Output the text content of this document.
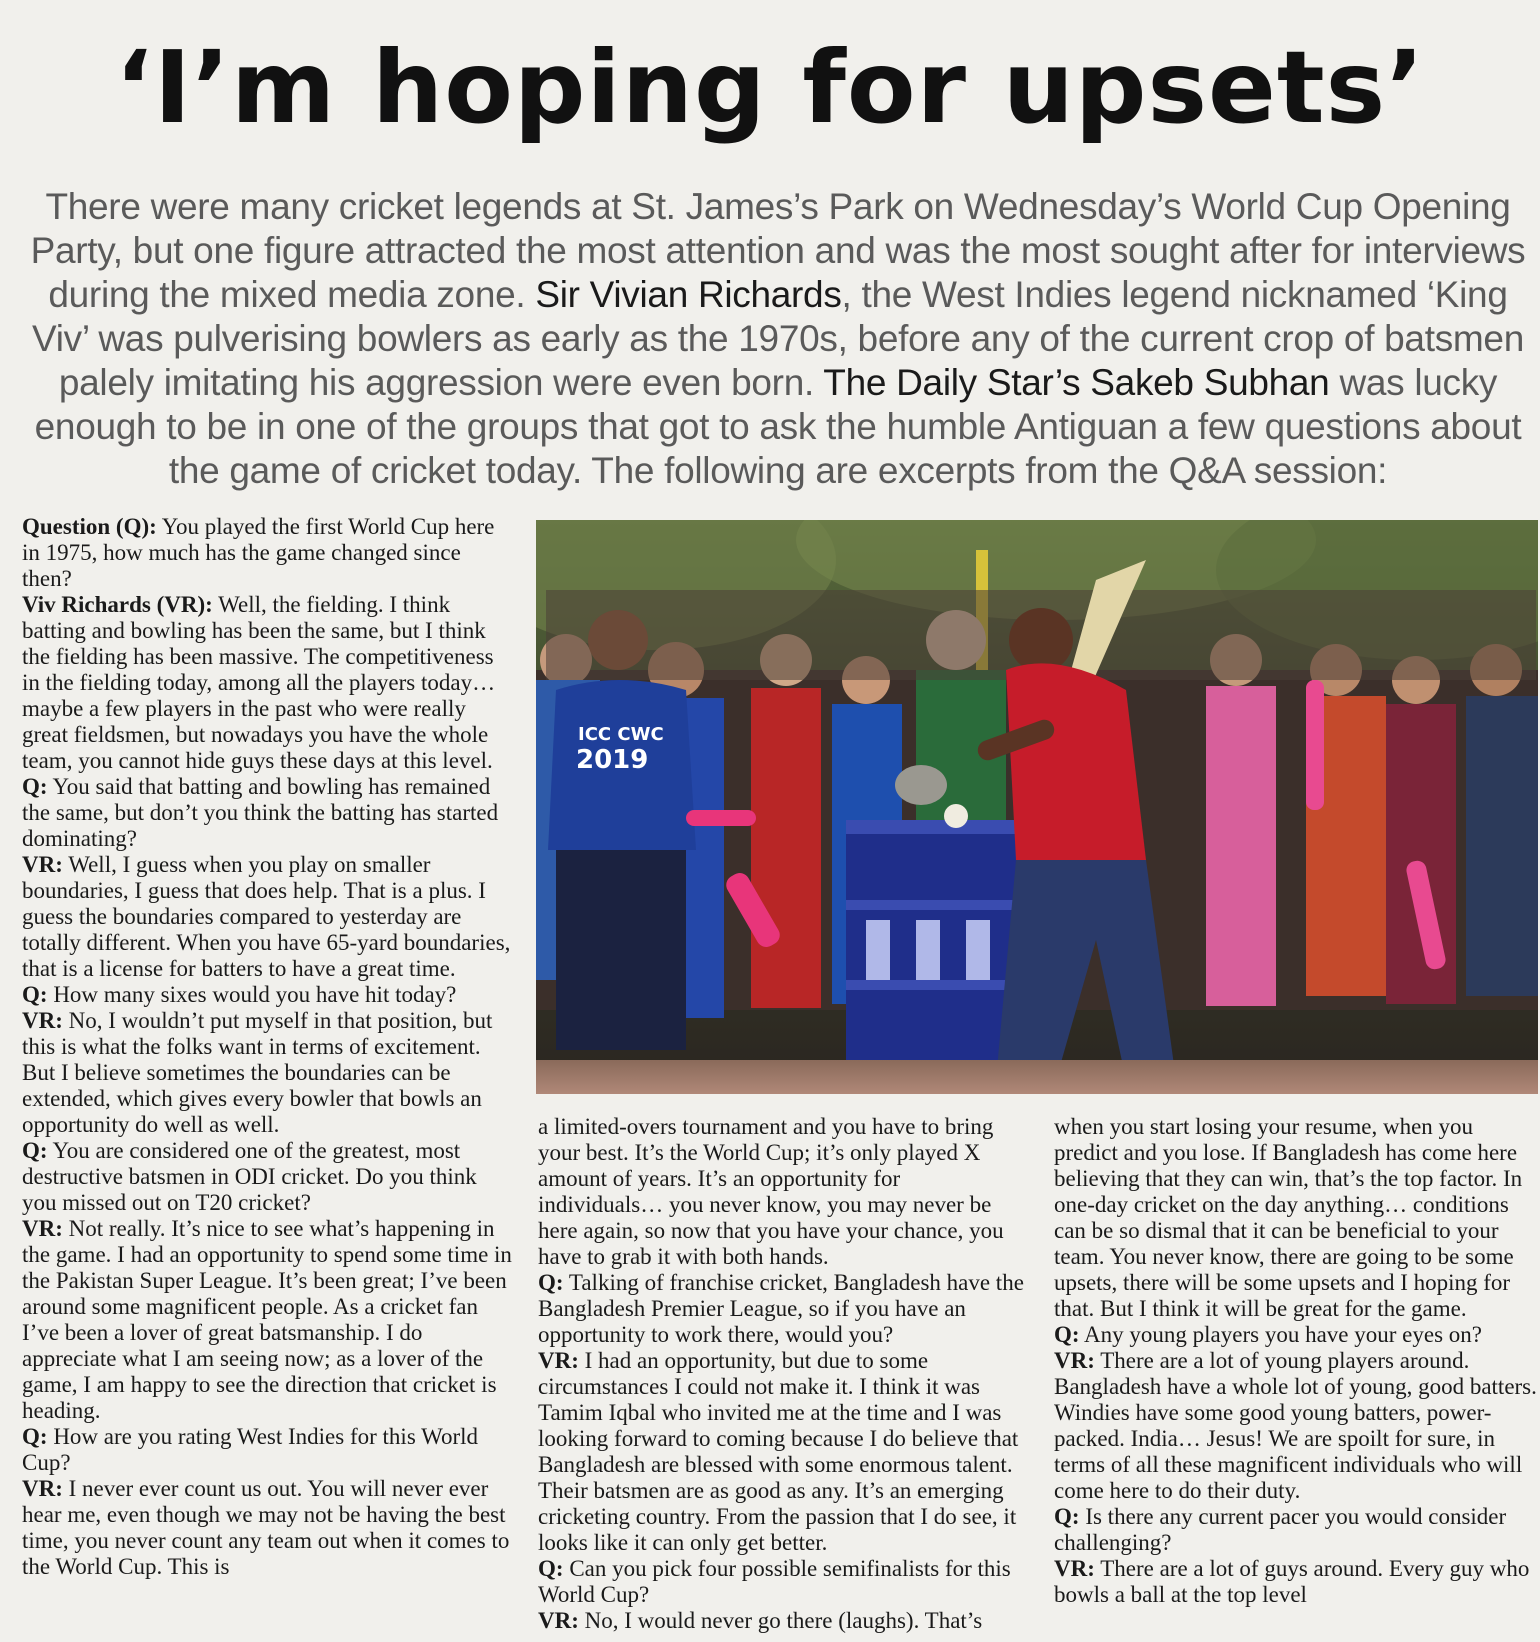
‘I’m hoping for upsets’

There were many cricket legends at St. James’s Park on Wednesday’s World Cup Opening Party, but one figure attracted the most attention and was the most sought after for interviews during the mixed media zone. Sir Vivian Richards, the West Indies legend nicknamed ‘King Viv’ was pulverising bowlers as early as the 1970s, before any of the current crop of batsmen palely imitating his aggression were even born. The Daily Star’s Sakeb Subhan was lucky enough to be in one of the groups that got to ask the humble Antiguan a few questions about the game of cricket today. The following are excerpts from the Q&A session:

Question (Q): You played the first World Cup here in 1975, how much has the game changed since then?

Viv Richards (VR): Well, the fielding. I think batting and bowling has been the same, but I think the fielding has been massive. The competitiveness in the fielding today, among all the players today… maybe a few players in the past who were really great fieldsmen, but nowadays you have the whole team, you cannot hide guys these days at this level.

Q: You said that batting and bowling has remained the same, but don’t you think the batting has started dominating?

VR: Well, I guess when you play on smaller boundaries, I guess that does help. That is a plus. I guess the boundaries compared to yesterday are totally different. When you have 65-yard boundaries, that is a license for batters to have a great time.

Q: How many sixes would you have hit today?

VR: No, I wouldn’t put myself in that position, but this is what the folks want in terms of excitement. But I believe sometimes the boundaries can be extended, which gives every bowler that bowls an opportunity do well as well.

Q: You are considered one of the greatest, most destructive batsmen in ODI cricket. Do you think you missed out on T20 cricket?

VR: Not really. It’s nice to see what’s happening in the game. I had an opportunity to spend some time in the Pakistan Super League. It’s been great; I’ve been around some magnificent people. As a cricket fan I’ve been a lover of great batsmanship. I do appreciate what I am seeing now; as a lover of the game, I am happy to see the direction that cricket is heading.

Q: How are you rating West Indies for this World Cup?

VR: I never ever count us out. You will never ever hear me, even though we may not be having the best time, you never count any team out when it comes to the World Cup. This is

ICC CWC
2019

a limited-overs tournament and you have to bring your best. It’s the World Cup; it’s only played X amount of years. It’s an opportunity for individuals… you never know, you may never be here again, so now that you have your chance, you have to grab it with both hands.

Q: Talking of franchise cricket, Bangladesh have the Bangladesh Premier League, so if you have an opportunity to work there, would you?

VR: I had an opportunity, but due to some circumstances I could not make it. I think it was Tamim Iqbal who invited me at the time and I was looking forward to coming because I do believe that Bangladesh are blessed with some enormous talent. Their batsmen are as good as any. It’s an emerging cricketing country. From the passion that I do see, it looks like it can only get better.

Q: Can you pick four possible semifinalists for this World Cup?

VR: No, I would never go there (laughs). That’s

when you start losing your resume, when you predict and you lose. If Bangladesh has come here believing that they can win, that’s the top factor. In one-day cricket on the day anything… conditions can be so dismal that it can be beneficial to your team. You never know, there are going to be some upsets, there will be some upsets and I hoping for that. But I think it will be great for the game.

Q: Any young players you have your eyes on?

VR: There are a lot of young players around. Bangladesh have a whole lot of young, good batters. Windies have some good young batters, power-packed. India… Jesus! We are spoilt for sure, in terms of all these magnificent individuals who will come here to do their duty.

Q: Is there any current pacer you would consider challenging?

VR: There are a lot of guys around. Every guy who bowls a ball at the top level
